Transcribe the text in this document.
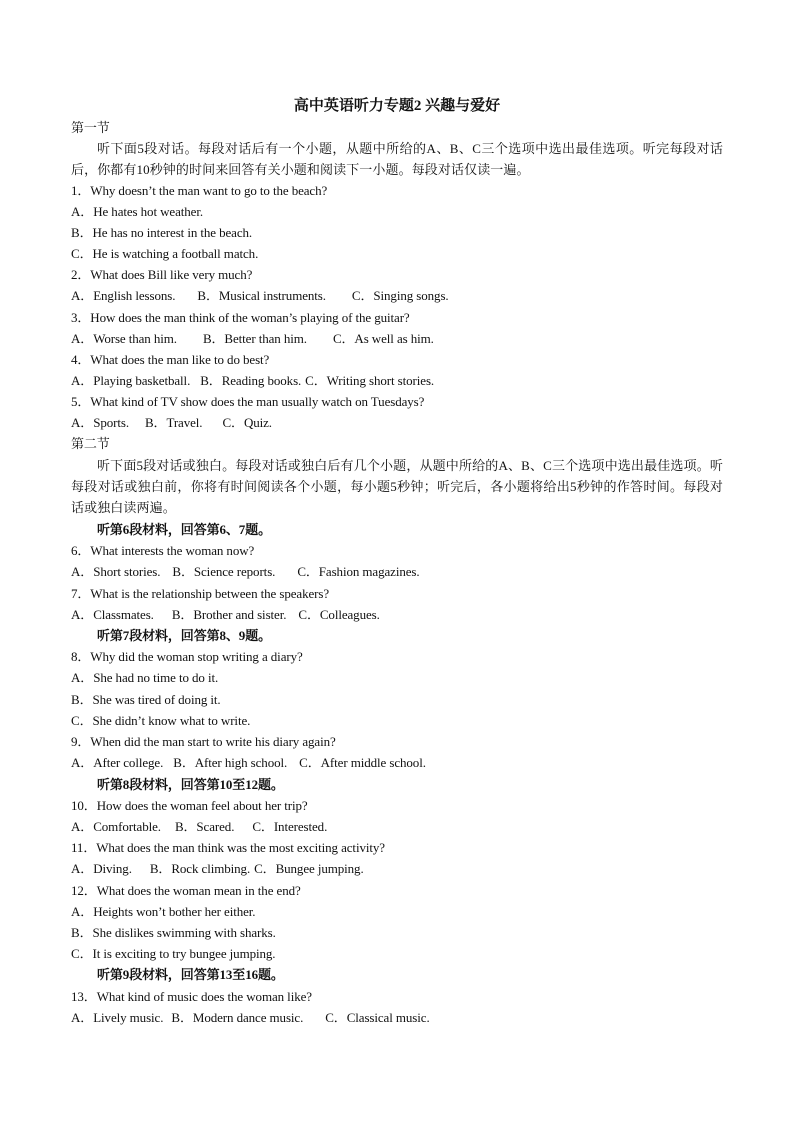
高中英语听力专题2 兴趣与爱好
第一节
听下面5段对话。每段对话后有一个小题，从题中所给的A、B、C三个选项中选出最佳选项。听完每段对话后，你都有10秒钟的时间来回答有关小题和阅读下一小题。每段对话仅读一遍。
1．Why doesn’t the man want to go to the beach?
A．He hates hot weather.
B．He has no interest in the beach.
C．He is watching a football match.
2．What does Bill like very much?
A．English lessons. B．Musical instruments. C．Singing songs.
3．How does the man think of the woman’s playing of the guitar?
A．Worse than him. B．Better than him. C．As well as him.
4．What does the man like to do best?
A．Playing basketball. B．Reading books. C．Writing short stories.
5．What kind of TV show does the man usually watch on Tuesdays?
A．Sports. B．Travel. C．Quiz.
第二节
听下面5段对话或独白。每段对话或独白后有几个小题，从题中所给的A、B、C三个选项中选出最佳选项。听每段对话或独白前，你将有时间阅读各个小题，每小题5秒钟；听完后，各小题将给出5秒钟的作答时间。每段对话或独白读两遍。
听第6段材料，回答第6、7题。
6．What interests the woman now?
A．Short stories. B．Science reports. C．Fashion magazines.
7．What is the relationship between the speakers?
A．Classmates. B．Brother and sister. C．Colleagues.
听第7段材料，回答第8、9题。
8．Why did the woman stop writing a diary?
A．She had no time to do it.
B．She was tired of doing it.
C．She didn’t know what to write.
9．When did the man start to write his diary again?
A．After college. B．After high school. C．After middle school.
听第8段材料，回答第10至12题。
10．How does the woman feel about her trip?
A．Comfortable. B．Scared. C．Interested.
11．What does the man think was the most exciting activity?
A．Diving. B．Rock climbing. C．Bungee jumping.
12．What does the woman mean in the end?
A．Heights won’t bother her either.
B．She dislikes swimming with sharks.
C．It is exciting to try bungee jumping.
听第9段材料，回答第13至16题。
13．What kind of music does the woman like?
A．Lively music. B．Modern dance music. C．Classical music.
